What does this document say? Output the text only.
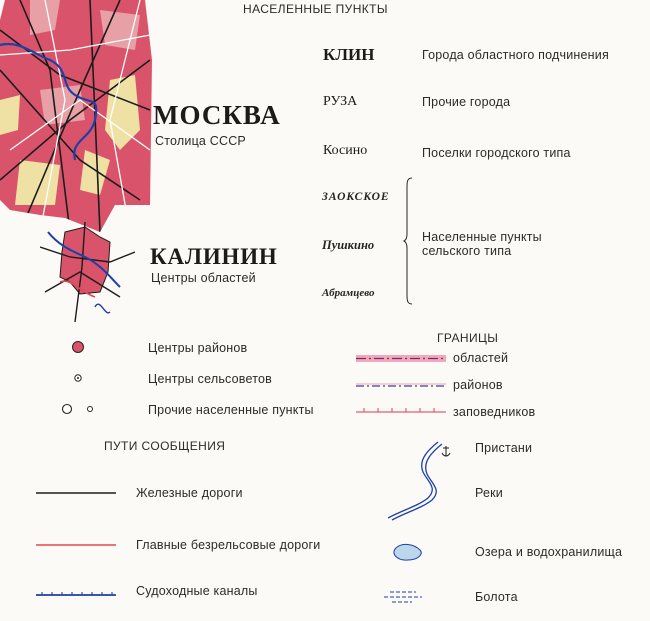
НАСЕЛЕННЫЕ ПУНКТЫ
МОСКВА
Столица СССР
КАЛИНИН
Центры областей
КЛИН	Города областного подчинения
РУЗА	Прочие города
Косино	Поселки городского типа
ЗАОКСКОЕ
Пушкино
Абрамцево
Населенные пункты
сельского типа
Центры районов
Центры сельсоветов
Прочие населенные пункты
ГРАНИЦЫ
областей
районов
заповедников
ПУТИ СООБЩЕНИЯ
Железные дороги
Главные безрельсовые дороги
Судоходные каналы
Пристани
Реки
Озера и водохранилища
Болота
